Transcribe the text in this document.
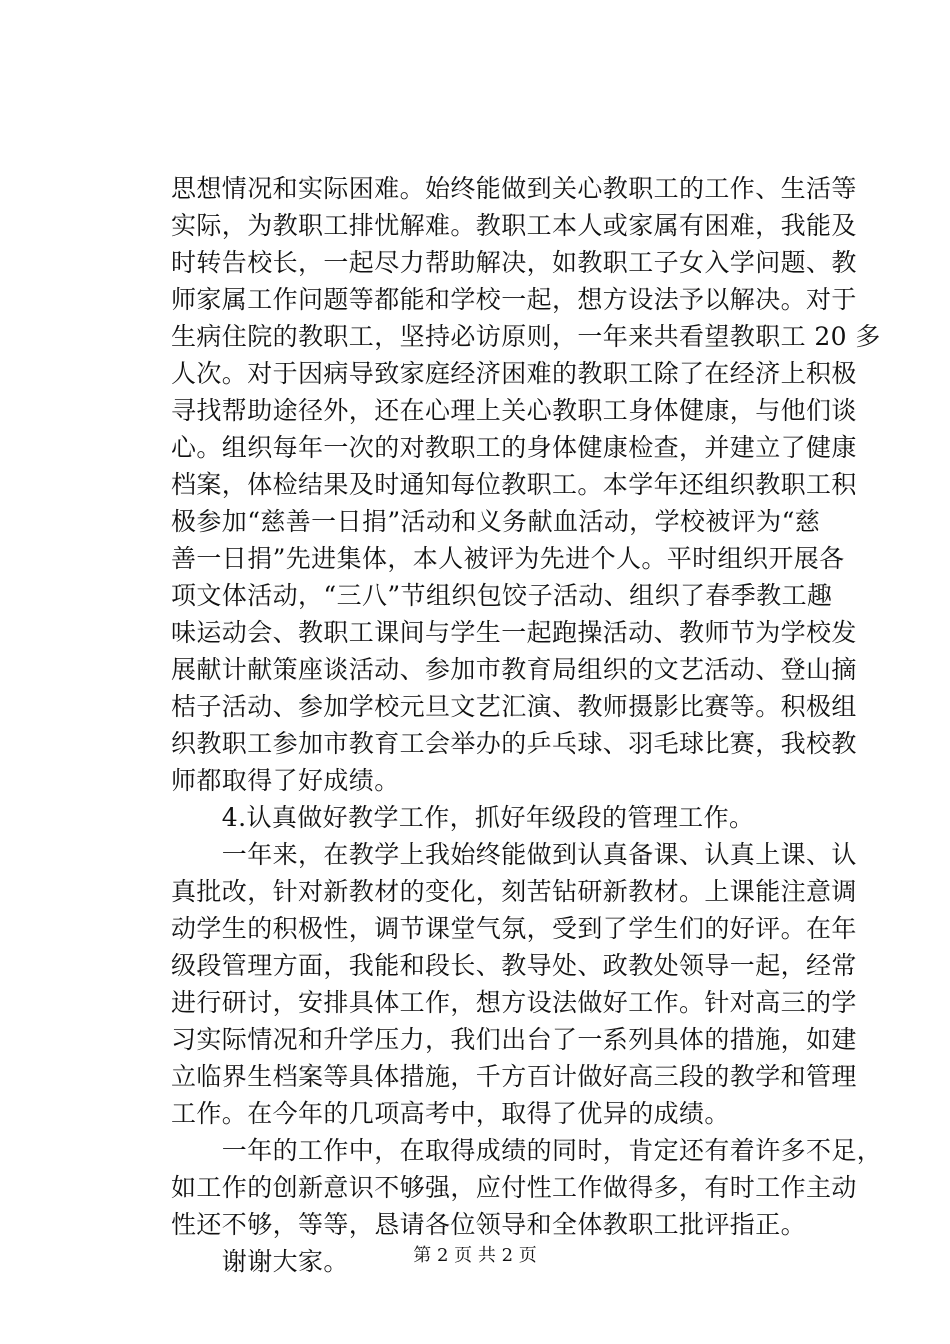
思想情况和实际困难。始终能做到关心教职工的工作、生活等
实际，为教职工排忧解难。教职工本人或家属有困难，我能及
时转告校长，一起尽力帮助解决，如教职工子女入学问题、教
师家属工作问题等都能和学校一起，想方设法予以解决。对于
生病住院的教职工，坚持必访原则，一年来共看望教职工 20 多
人次。对于因病导致家庭经济困难的教职工除了在经济上积极
寻找帮助途径外，还在心理上关心教职工身体健康，与他们谈
心。组织每年一次的对教职工的身体健康检查，并建立了健康
档案，体检结果及时通知每位教职工。本学年还组织教职工积
极参加“慈善一日捐”活动和义务献血活动，学校被评为“慈
善一日捐”先进集体，本人被评为先进个人。平时组织开展各
项文体活动，“三八”节组织包饺子活动、组织了春季教工趣
味运动会、教职工课间与学生一起跑操活动、教师节为学校发
展献计献策座谈活动、参加市教育局组织的文艺活动、登山摘
桔子活动、参加学校元旦文艺汇演、教师摄影比赛等。积极组
织教职工参加市教育工会举办的乒乓球、羽毛球比赛，我校教
师都取得了好成绩。
　　4.认真做好教学工作，抓好年级段的管理工作。
　　一年来，在教学上我始终能做到认真备课、认真上课、认
真批改，针对新教材的变化，刻苦钻研新教材。上课能注意调
动学生的积极性，调节课堂气氛，受到了学生们的好评。在年
级段管理方面，我能和段长、教导处、政教处领导一起，经常
进行研讨，安排具体工作，想方设法做好工作。针对高三的学
习实际情况和升学压力，我们出台了一系列具体的措施，如建
立临界生档案等具体措施，千方百计做好高三段的教学和管理
工作。在今年的几项高考中，取得了优异的成绩。
　　一年的工作中，在取得成绩的同时，肯定还有着许多不足，
如工作的创新意识不够强，应付性工作做得多，有时工作主动
性还不够，等等，恳请各位领导和全体教职工批评指正。
　　谢谢大家。	第 2 页 共 2 页
